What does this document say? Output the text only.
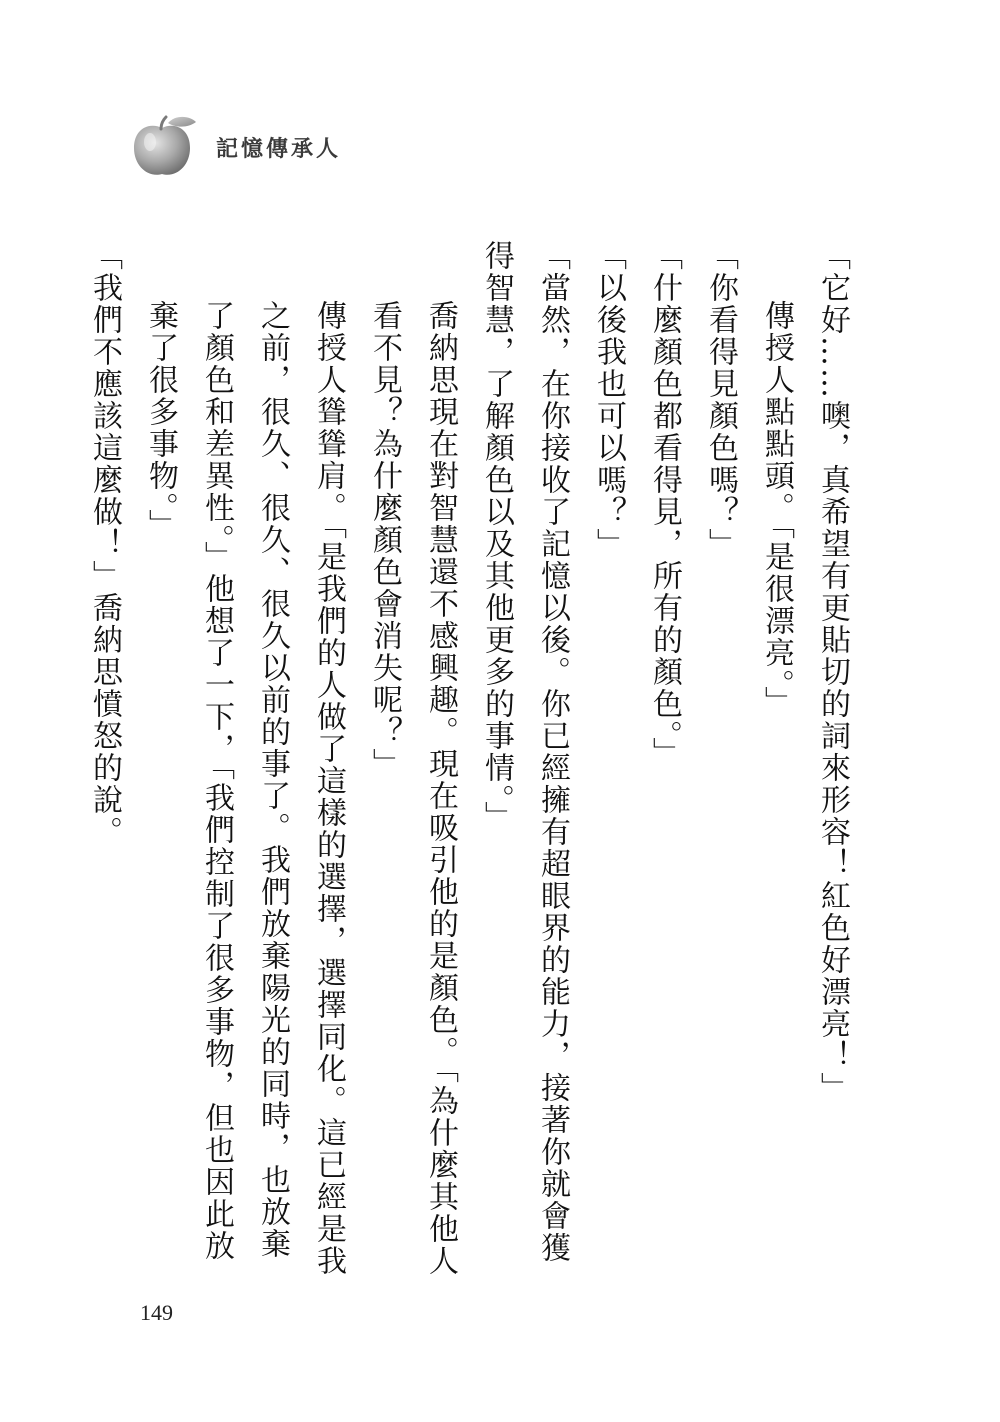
記憶傳承人

「它好……噢，真希望有更貼切的詞來形容！紅色好漂亮！」

傳授人點點頭。「是很漂亮。」

「你看得見顏色嗎？」

「什麼顏色都看得見，所有的顏色。」

「以後我也可以嗎？」

「當然，在你接收了記憶以後。你已經擁有超眼界的能力，接著你就會獲得智慧，了解顏色以及其他更多的事情。」

喬納思現在對智慧還不感興趣。現在吸引他的是顏色。「為什麼其他人看不見？為什麼顏色會消失呢？」

傳授人聳聳肩。「是我們的人做了這樣的選擇，選擇同化。這已經是我之前，很久、很久、很久以前的事了。我們放棄陽光的同時，也放棄了顏色和差異性。」他想了一下，「我們控制了很多事物，但也因此放棄了很多事物。」

「我們不應該這麼做！」喬納思憤怒的說。

149
